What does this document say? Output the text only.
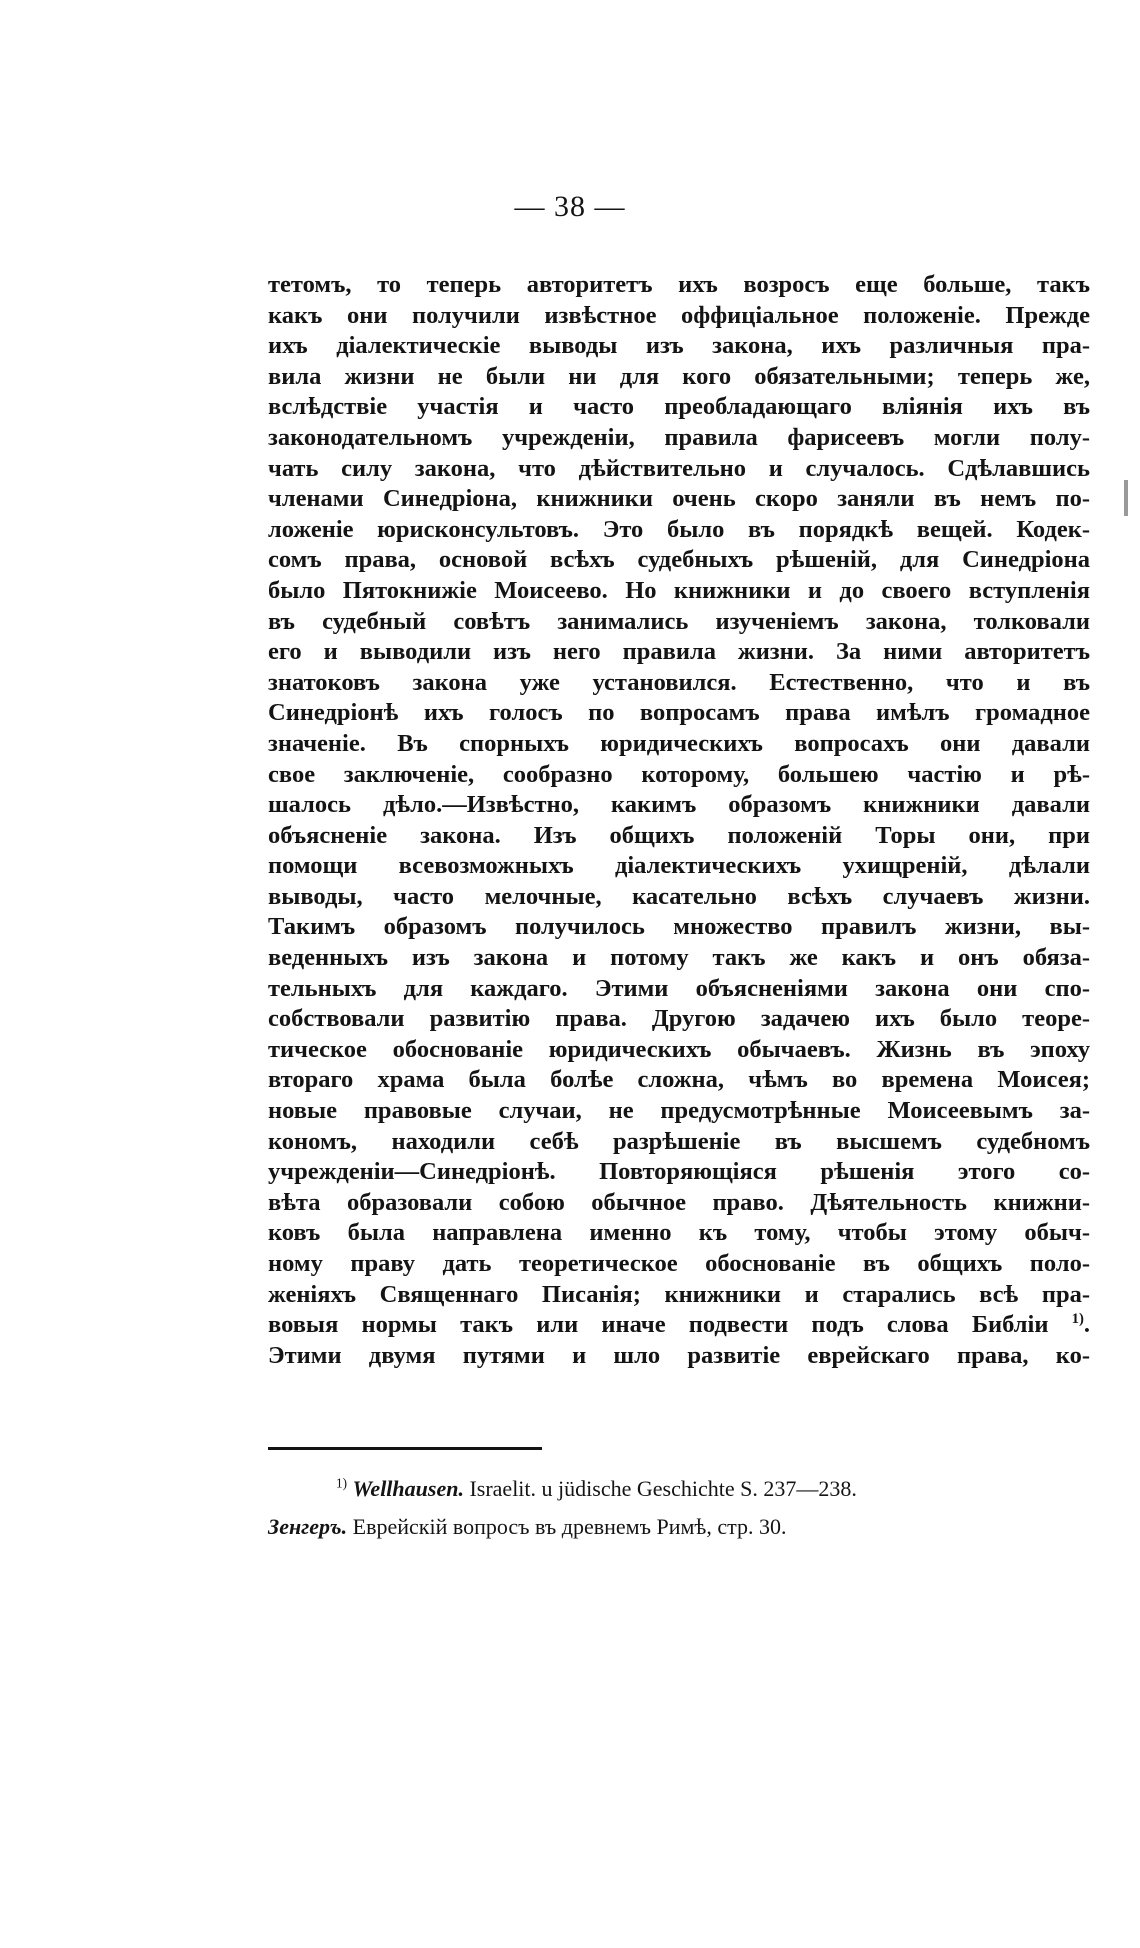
— 38 —
тетомъ, то теперь авторитетъ ихъ возросъ еще больше, такъ
какъ они получили извѣстное оффиціальное положеніе. Прежде
ихъ діалектическіе выводы изъ закона, ихъ различныя пра-
вила жизни не были ни для кого обязательными; теперь же,
вслѣдствіе участія и часто преобладающаго вліянія ихъ въ
законодательномъ учрежденіи, правила фарисеевъ могли полу-
чать силу закона, что дѣйствительно и случалось. Сдѣлавшись
членами Синедріона, книжники очень скоро заняли въ немъ по-
ложеніе юрисконсультовъ. Это было въ порядкѣ вещей. Кодек-
сомъ права, основой всѣхъ судебныхъ рѣшеній, для Синедріона
было Пятокнижіе Моисеево. Но книжники и до своего вступленія
въ судебный совѣтъ занимались изученіемъ закона, толковали
его и выводили изъ него правила жизни. За ними авторитетъ
знатоковъ закона уже установился. Естественно, что и въ
Синедріонѣ ихъ голосъ по вопросамъ права имѣлъ громадное
значеніе. Въ спорныхъ юридическихъ вопросахъ они давали
свое заключеніе, сообразно которому, большею частію и рѣ-
шалось дѣло.—Извѣстно, какимъ образомъ книжники давали
объясненіе закона. Изъ общихъ положеній Торы они, при
помощи всевозможныхъ діалектическихъ ухищреній, дѣлали
выводы, часто мелочные, касательно всѣхъ случаевъ жизни.
Такимъ образомъ получилось множество правилъ жизни, вы-
веденныхъ изъ закона и потому такъ же какъ и онъ обяза-
тельныхъ для каждаго. Этими объясненіями закона они спо-
собствовали развитію права. Другою задачею ихъ было теоре-
тическое обоснованіе юридическихъ обычаевъ. Жизнь въ эпоху
втораго храма была болѣе сложна, чѣмъ во времена Моисея;
новые правовые случаи, не предусмотрѣнные Моисеевымъ за-
кономъ, находили себѣ разрѣшеніе въ высшемъ судебномъ
учрежденіи—Синедріонѣ. Повторяющіяся рѣшенія этого со-
вѣта образовали собою обычное право. Дѣятельность книжни-
ковъ была направлена именно къ тому, чтобы этому обыч-
ному праву дать теоретическое обоснованіе въ общихъ поло-
женіяхъ Священнаго Писанія; книжники и старались всѣ пра-
вовыя нормы такъ или иначе подвести подъ слова Библіи $^{1)}$.
Этими двумя путями и шло развитіе еврейскаго права, ко-
$^{1)}$ Wellhausen. Israelit. u jüdische Geschichte S. 237—238.
Зенгеръ. Еврейскій вопросъ въ древнемъ Римѣ, стр. 30.
